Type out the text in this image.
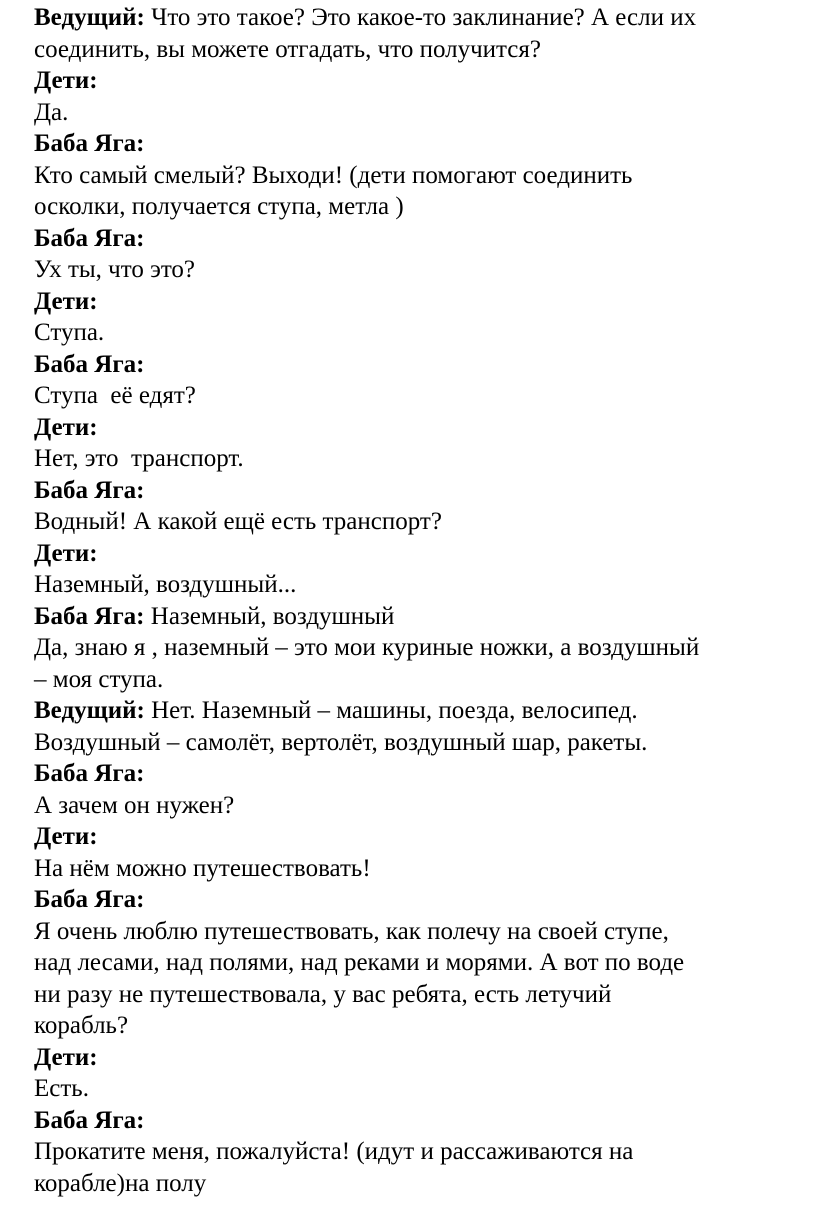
Ведущий: Что это такое? Это какое-то заклинание? А если их
соединить, вы можете отгадать, что получится?
Дети:
Да.
Баба Яга:
Кто самый смелый? Выходи! (дети помогают соединить
осколки, получается ступа, метла )
Баба Яга:
Ух ты, что это?
Дети:
Ступа.
Баба Яга:
Ступа  её едят?
Дети:
Нет, это  транспорт.
Баба Яга:
Водный! А какой ещё есть транспорт?
Дети:
Наземный, воздушный...
Баба Яга: Наземный, воздушный
Да, знаю я , наземный – это мои куриные ножки, а воздушный
– моя ступа.
Ведущий: Нет. Наземный – машины, поезда, велосипед.
Воздушный – самолёт, вертолёт, воздушный шар, ракеты.
Баба Яга:
А зачем он нужен?
Дети:
На нём можно путешествовать!
Баба Яга:
Я очень люблю путешествовать, как полечу на своей ступе,
над лесами, над полями, над реками и морями. А вот по воде
ни разу не путешествовала, у вас ребята, есть летучий
корабль?
Дети:
Есть.
Баба Яга:
Прокатите меня, пожалуйста! (идут и рассаживаются на
корабле)на полу
